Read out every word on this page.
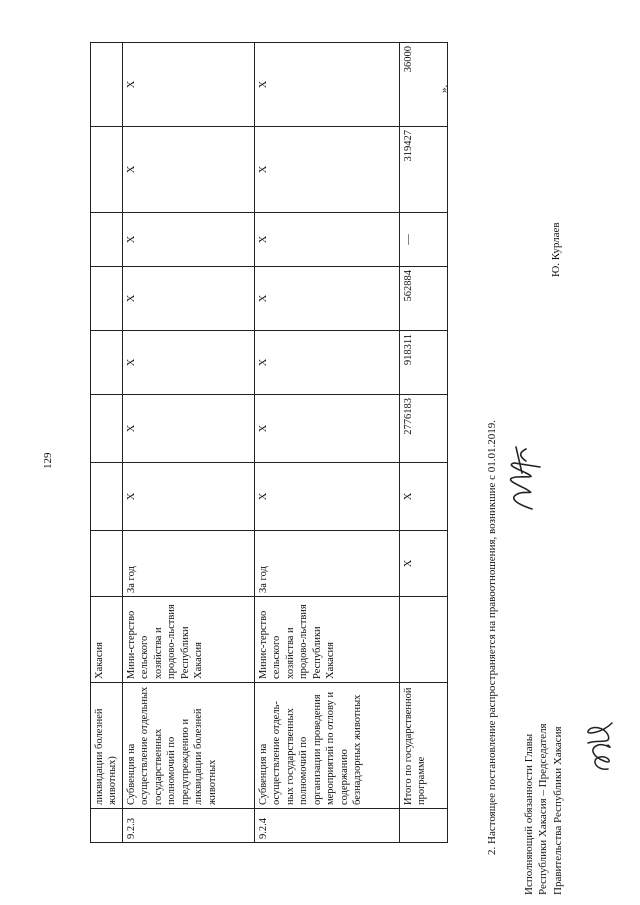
129
	ликвидации болезней животных)	Хакасия								
9.2.3	Субвенция на осуществление отдельных государственных полномочий по предупреждению и ликвидации болезней животных	Мини-стерство сельского хозяйства и продово-льствия Республики Хакасия	За год	X	X	X	X	X	X	X
9.2.4	Субвенция на осуществление отдель-ных государственных полномочий по организации проведения мероприятий по отлову и содержанию безнадзорных животных	Минис-терство сельского хозяйства и продово-льствия Республики Хакасия	За год	X	X	X	X	X	X	X
	Итого по государственной программе		X	X	2776183	918311	562884	—	319427	36000
».
2. Настоящее постановление распространяется на правоотношения, возникшие с 01.01.2019. Исполняющий обязанности Главы Республики Хакасия – Председателя Правительства Республики Хакасия
Ю. Курлаев
